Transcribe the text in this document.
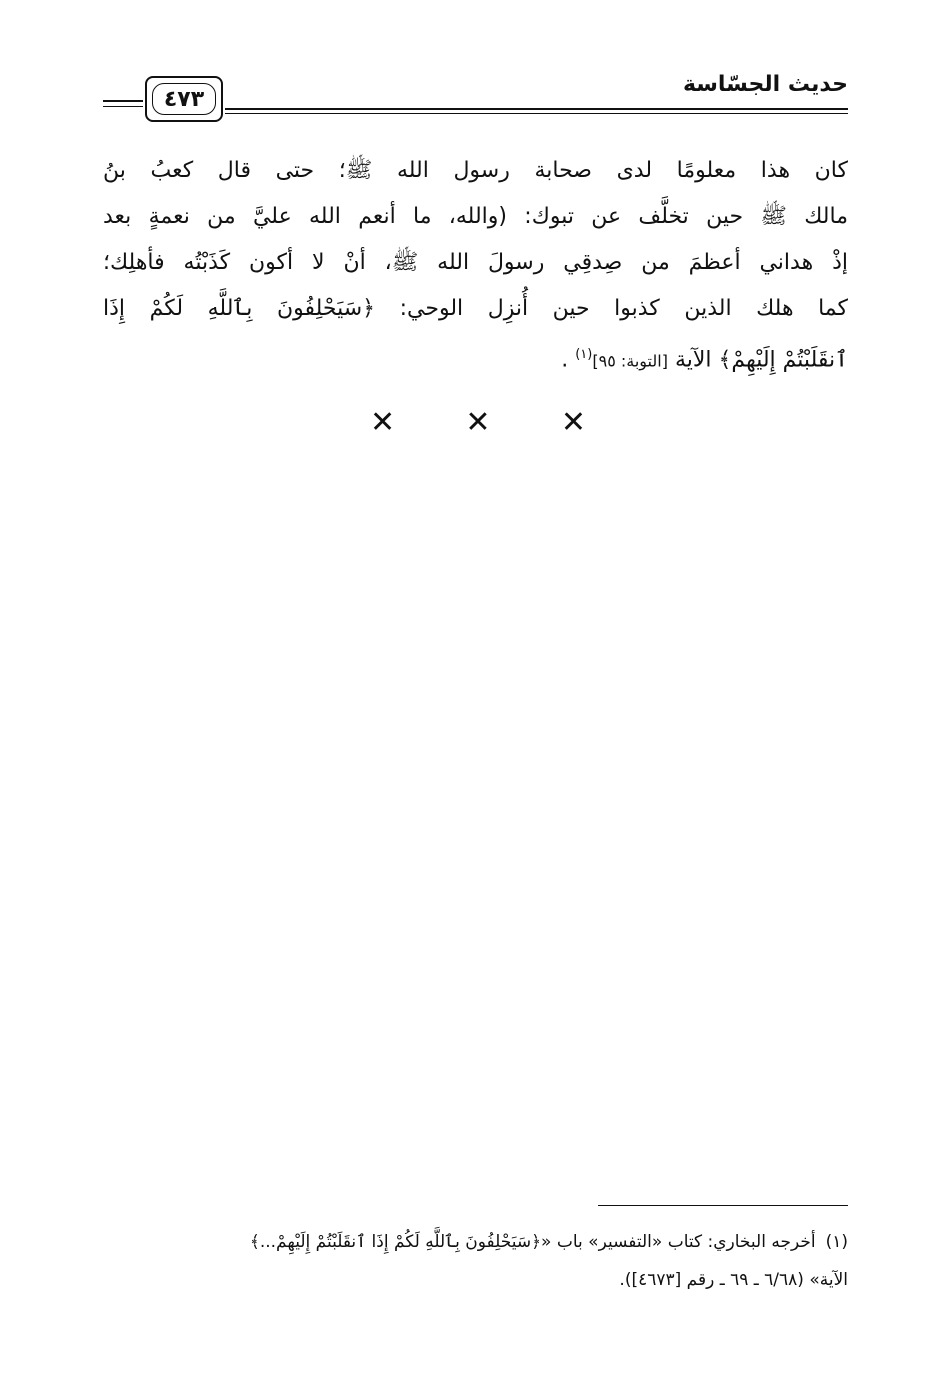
حديث الجسّاسة
٤٧٣
كان هذا معلومًا لدى صحابة رسول الله ﷺ؛ حتى قال كعبُ بنُ
مالك ﷺ حين تخلَّف عن تبوك: (والله، ما أنعم الله عليَّ من نعمةٍ بعد
إذْ هداني أعظمَ من صِدقِي رسولَ الله ﷺ، أنْ لا أكون كَذَبْتُه فأهلِك؛
كما هلك الذين كذبوا حين أُنزِل الوحي: ﴿سَيَحْلِفُونَ بِٱللَّهِ لَكُمْ إِذَا
ٱنقَلَبْتُمْ إِلَيْهِمْ﴾ الآية [التوبة: ٩٥]$^{(١)}$ .
✕	✕	✕
(١)أخرجه البخاري: كتاب «التفسير» باب «﴿سَيَحْلِفُونَ بِٱللَّهِ لَكُمْ إِذَا ٱنقَلَبْتُمْ إِلَيْهِمْ...﴾
الآية» (٦/٦٨ ـ ٦٩ ـ رقم [٤٦٧٣]).
